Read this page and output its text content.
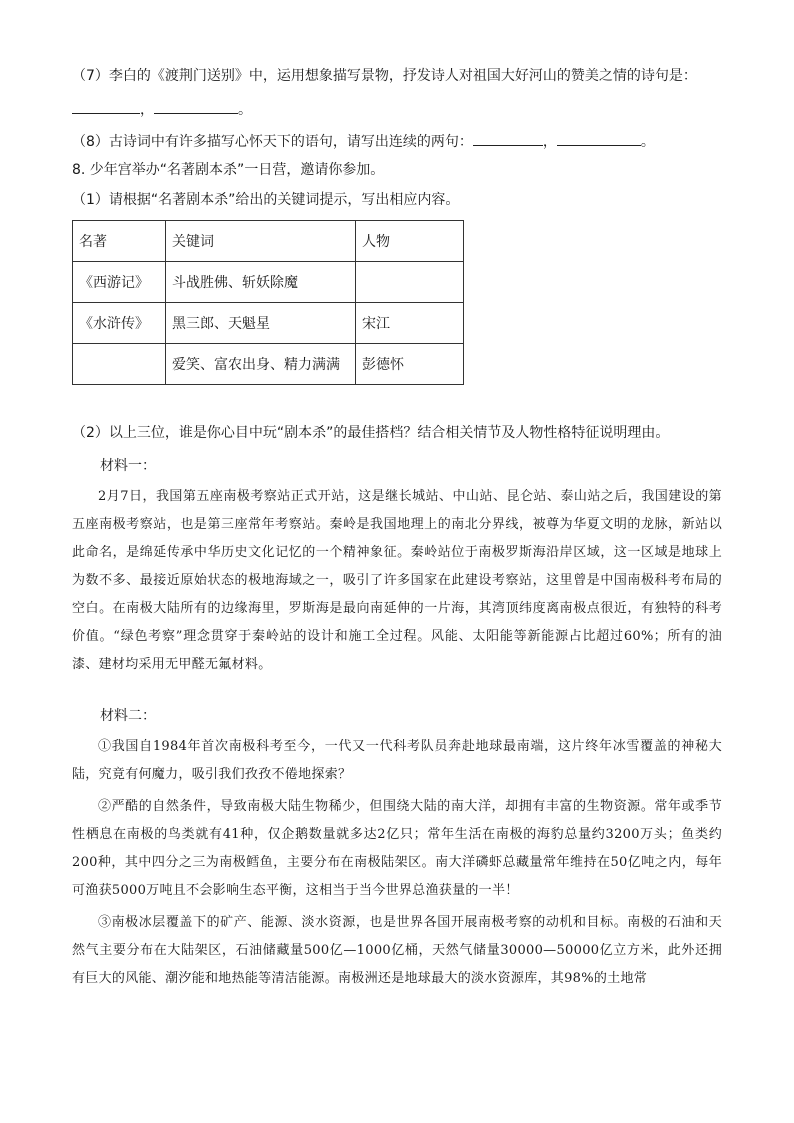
（7）李白的《渡荆门送别》中，运用想象描写景物，抒发诗人对祖国大好河山的赞美之情的诗句是：
，	。
（8）古诗词中有许多描写心怀天下的语句，请写出连续的两句：	，	。
8. 少年宫举办“名著剧本杀”一日营，邀请你参加。
（1）请根据“名著剧本杀”给出的关键词提示，写出相应内容。
名著	关键词	人物
《西游记》	斗战胜佛、斩妖除魔	
《水浒传》	黑三郎、天魁星	宋江
	爱笑、富农出身、精力满满	彭德怀
（2）以上三位，谁是你心目中玩“剧本杀”的最佳搭档？结合相关情节及人物性格特征说明理由。
材料一：

2月7日，我国第五座南极考察站正式开站，这是继长城站、中山站、昆仑站、泰山站之后，我国建设的第五座南极考察站，也是第三座常年考察站。秦岭是我国地理上的南北分界线，被尊为华夏文明的龙脉，新站以此命名，是绵延传承中华历史文化记忆的一个精神象征。秦岭站位于南极罗斯海沿岸区域，这一区域是地球上为数不多、最接近原始状态的极地海域之一，吸引了许多国家在此建设考察站，这里曾是中国南极科考布局的空白。在南极大陆所有的边缘海里，罗斯海是最向南延伸的一片海，其湾顶纬度离南极点很近，有独特的科考价值。“绿色考察”理念贯穿于秦岭站的设计和施工全过程。风能、太阳能等新能源占比超过60%；所有的油漆、建材均采用无甲醛无氟材料。

材料二：

①我国自1984年首次南极科考至今，一代又一代科考队员奔赴地球最南端，这片终年冰雪覆盖的神秘大陆，究竟有何魔力，吸引我们孜孜不倦地探索？

②严酷的自然条件，导致南极大陆生物稀少，但围绕大陆的南大洋，却拥有丰富的生物资源。常年或季节性栖息在南极的鸟类就有41种，仅企鹅数量就多达2亿只；常年生活在南极的海豹总量约3200万头；鱼类约200种，其中四分之三为南极鳕鱼，主要分布在南极陆架区。南大洋磷虾总藏量常年维持在50亿吨之内，每年可渔获5000万吨且不会影响生态平衡，这相当于当今世界总渔获量的一半！

③南极冰层覆盖下的矿产、能源、淡水资源，也是世界各国开展南极考察的动机和目标。南极的石油和天然气主要分布在大陆架区，石油储藏量500亿—1000亿桶，天然气储量30000—50000亿立方米，此外还拥有巨大的风能、潮汐能和地热能等清洁能源。南极洲还是地球最大的淡水资源库，其98%的土地常
